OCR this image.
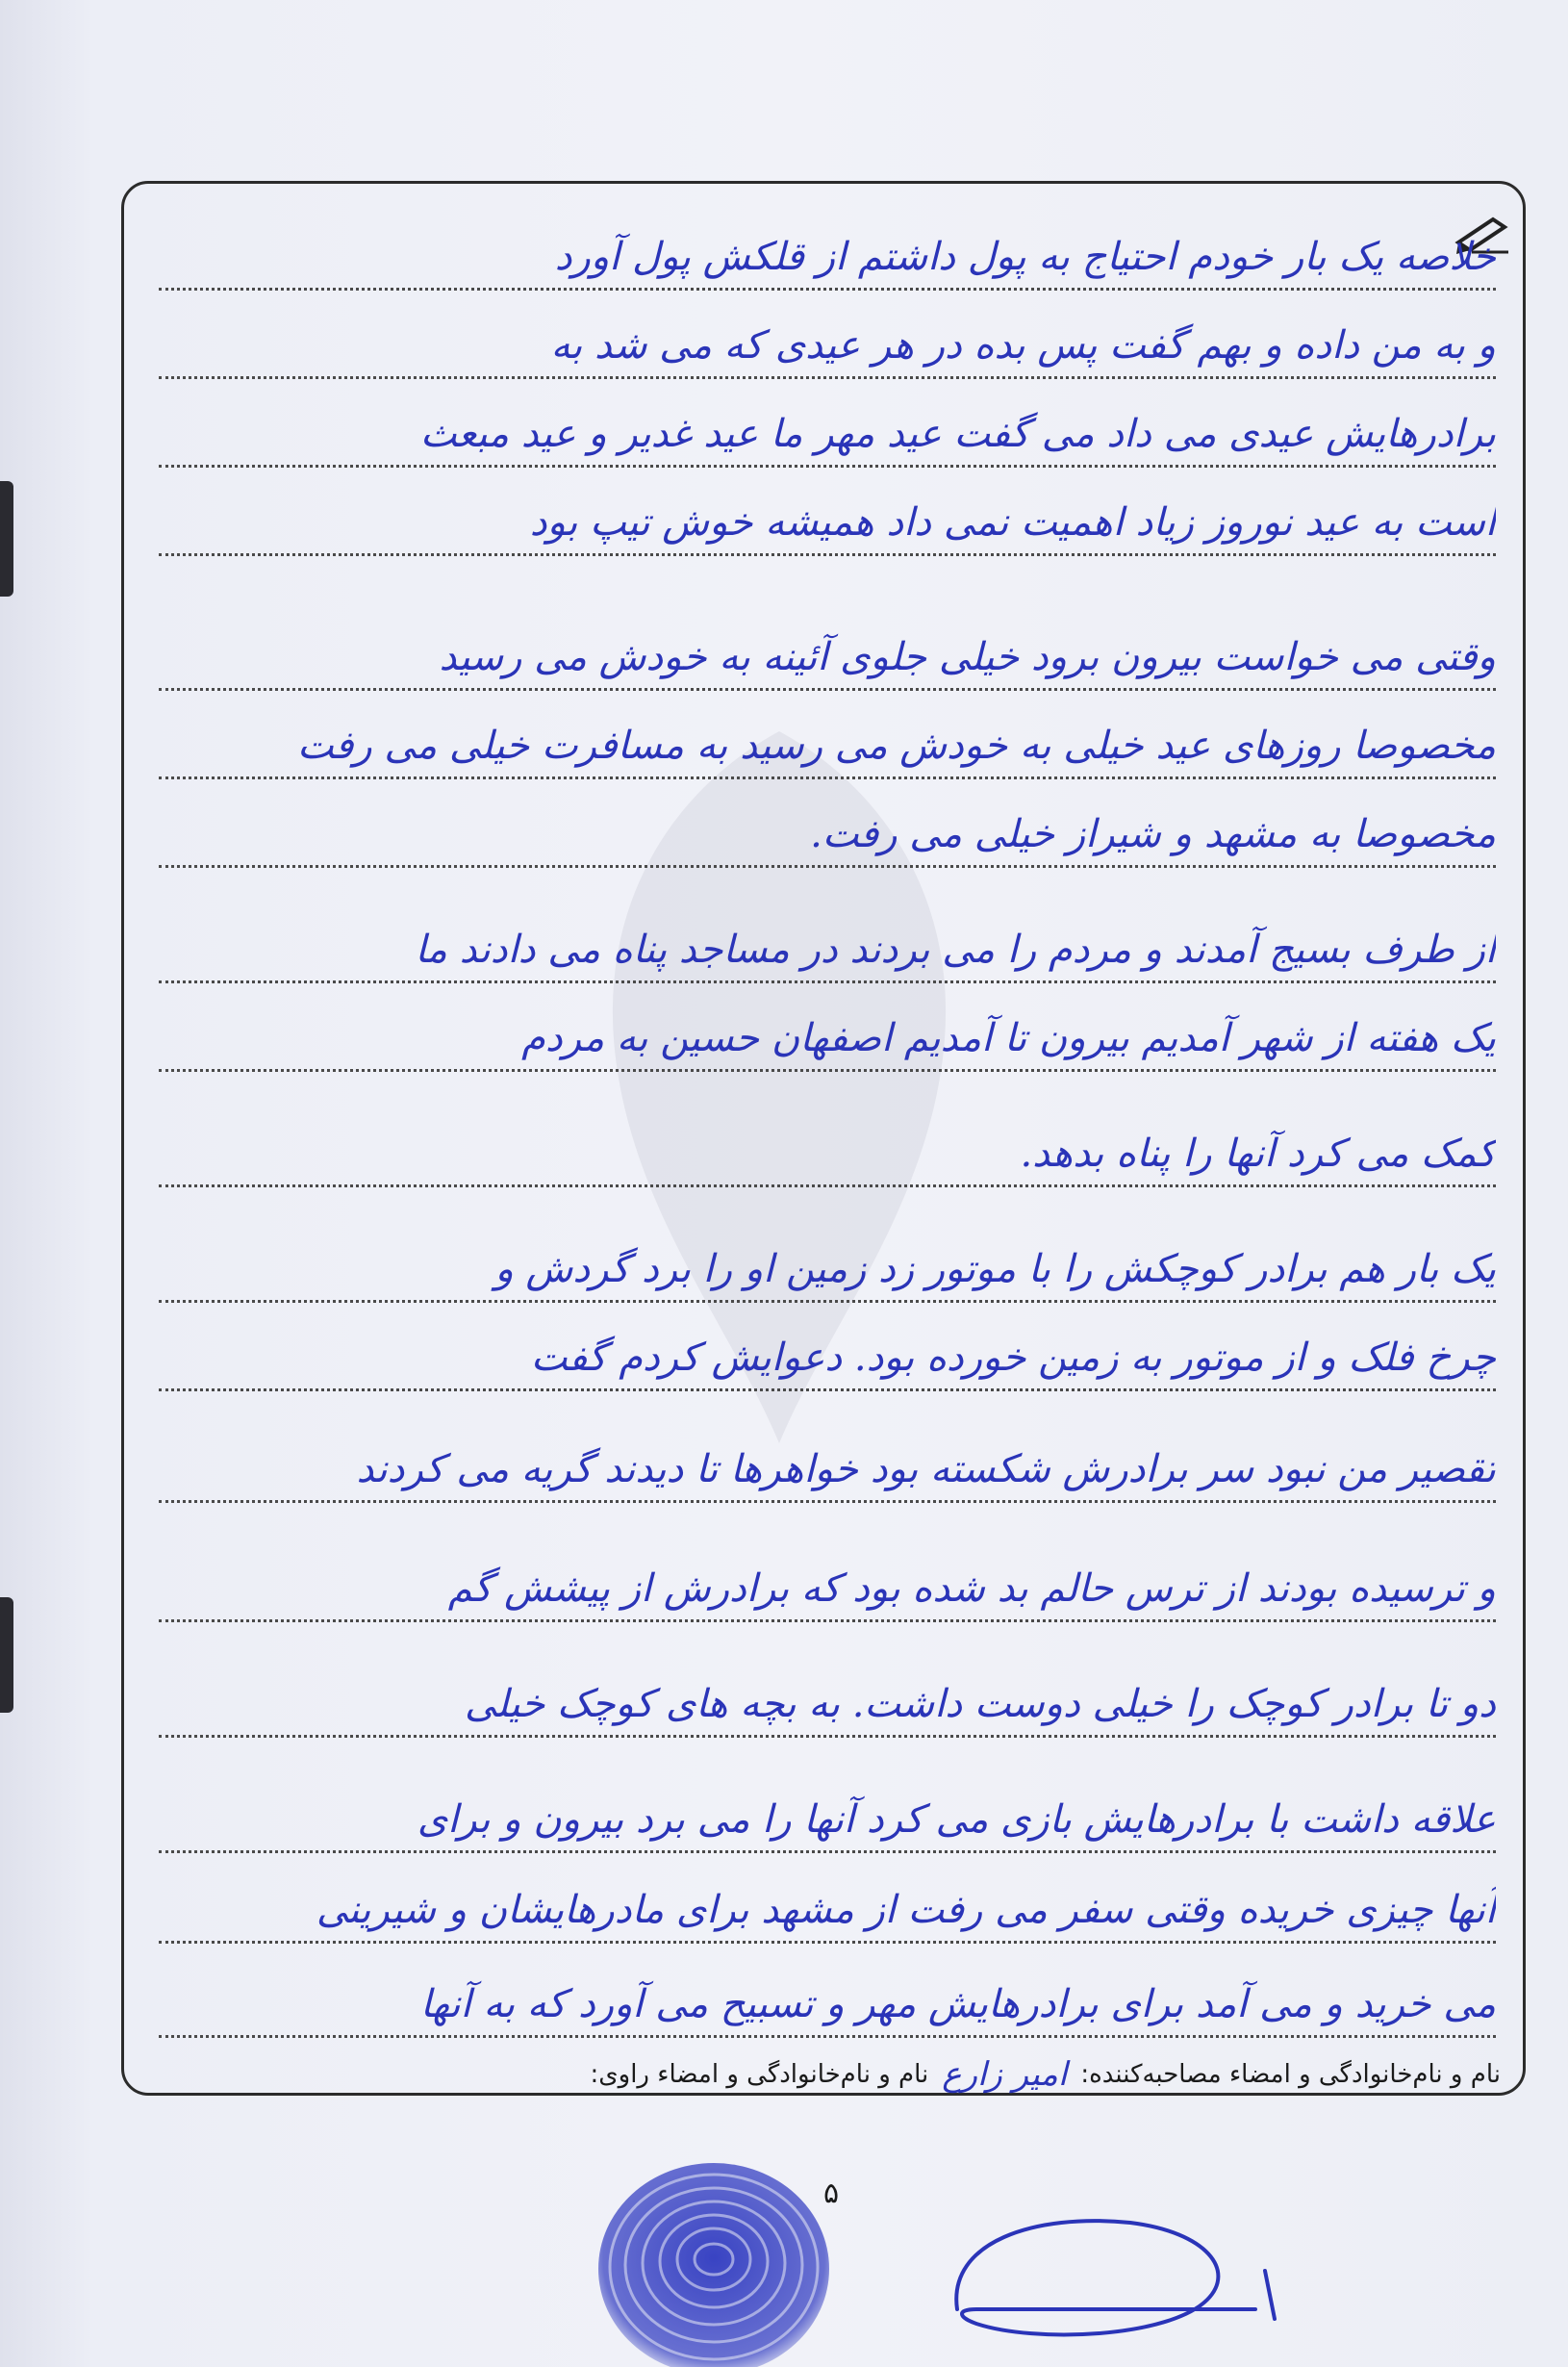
خلاصه یک بار خودم احتیاج به پول داشتم از قلکش پول آورد
و به من داده و بهم گفت پس بده در هر عیدی که می شد به
برادرهایش عیدی می داد می گفت عید مهر ما عید غدیر و عید مبعث
است به عید نوروز زیاد اهمیت نمی داد همیشه خوش تیپ بود
وقتی می خواست بیرون برود خیلی جلوی آئینه به خودش می رسید
مخصوصا روزهای عید خیلی به خودش می رسید به مسافرت خیلی می رفت
مخصوصا به مشهد و شیراز خیلی می رفت.
از طرف بسیج آمدند و مردم را می بردند در مساجد پناه می دادند ما
یک هفته از شهر آمدیم بیرون تا آمدیم اصفهان حسین به مردم
کمک می کرد آنها را پناه بدهد.
یک بار هم برادر کوچکش را با موتور زد زمین او را برد گردش و
چرخ فلک و از موتور به زمین خورده بود. دعوایش کردم گفت
تقصیر من نبود سر برادرش شکسته بود خواهرها تا دیدند گریه می کردند
و ترسیده بودند از ترس حالم بد شده بود که برادرش از پیشش گم
دو تا برادر کوچک را خیلی دوست داشت. به بچه های کوچک خیلی
علاقه داشت با برادرهایش بازی می کرد آنها را می برد بیرون و برای
آنها چیزی خریده وقتی سفر می رفت از مشهد برای مادرهایشان و شیرینی
می خرید و می آمد برای برادرهایش مهر و تسبیح می آورد که به آنها
نام و نام‌خانوادگی و امضاء مصاحبه‌کننده:
امیر زارع
نام و نام‌خانوادگی و امضاء راوی:
۵
